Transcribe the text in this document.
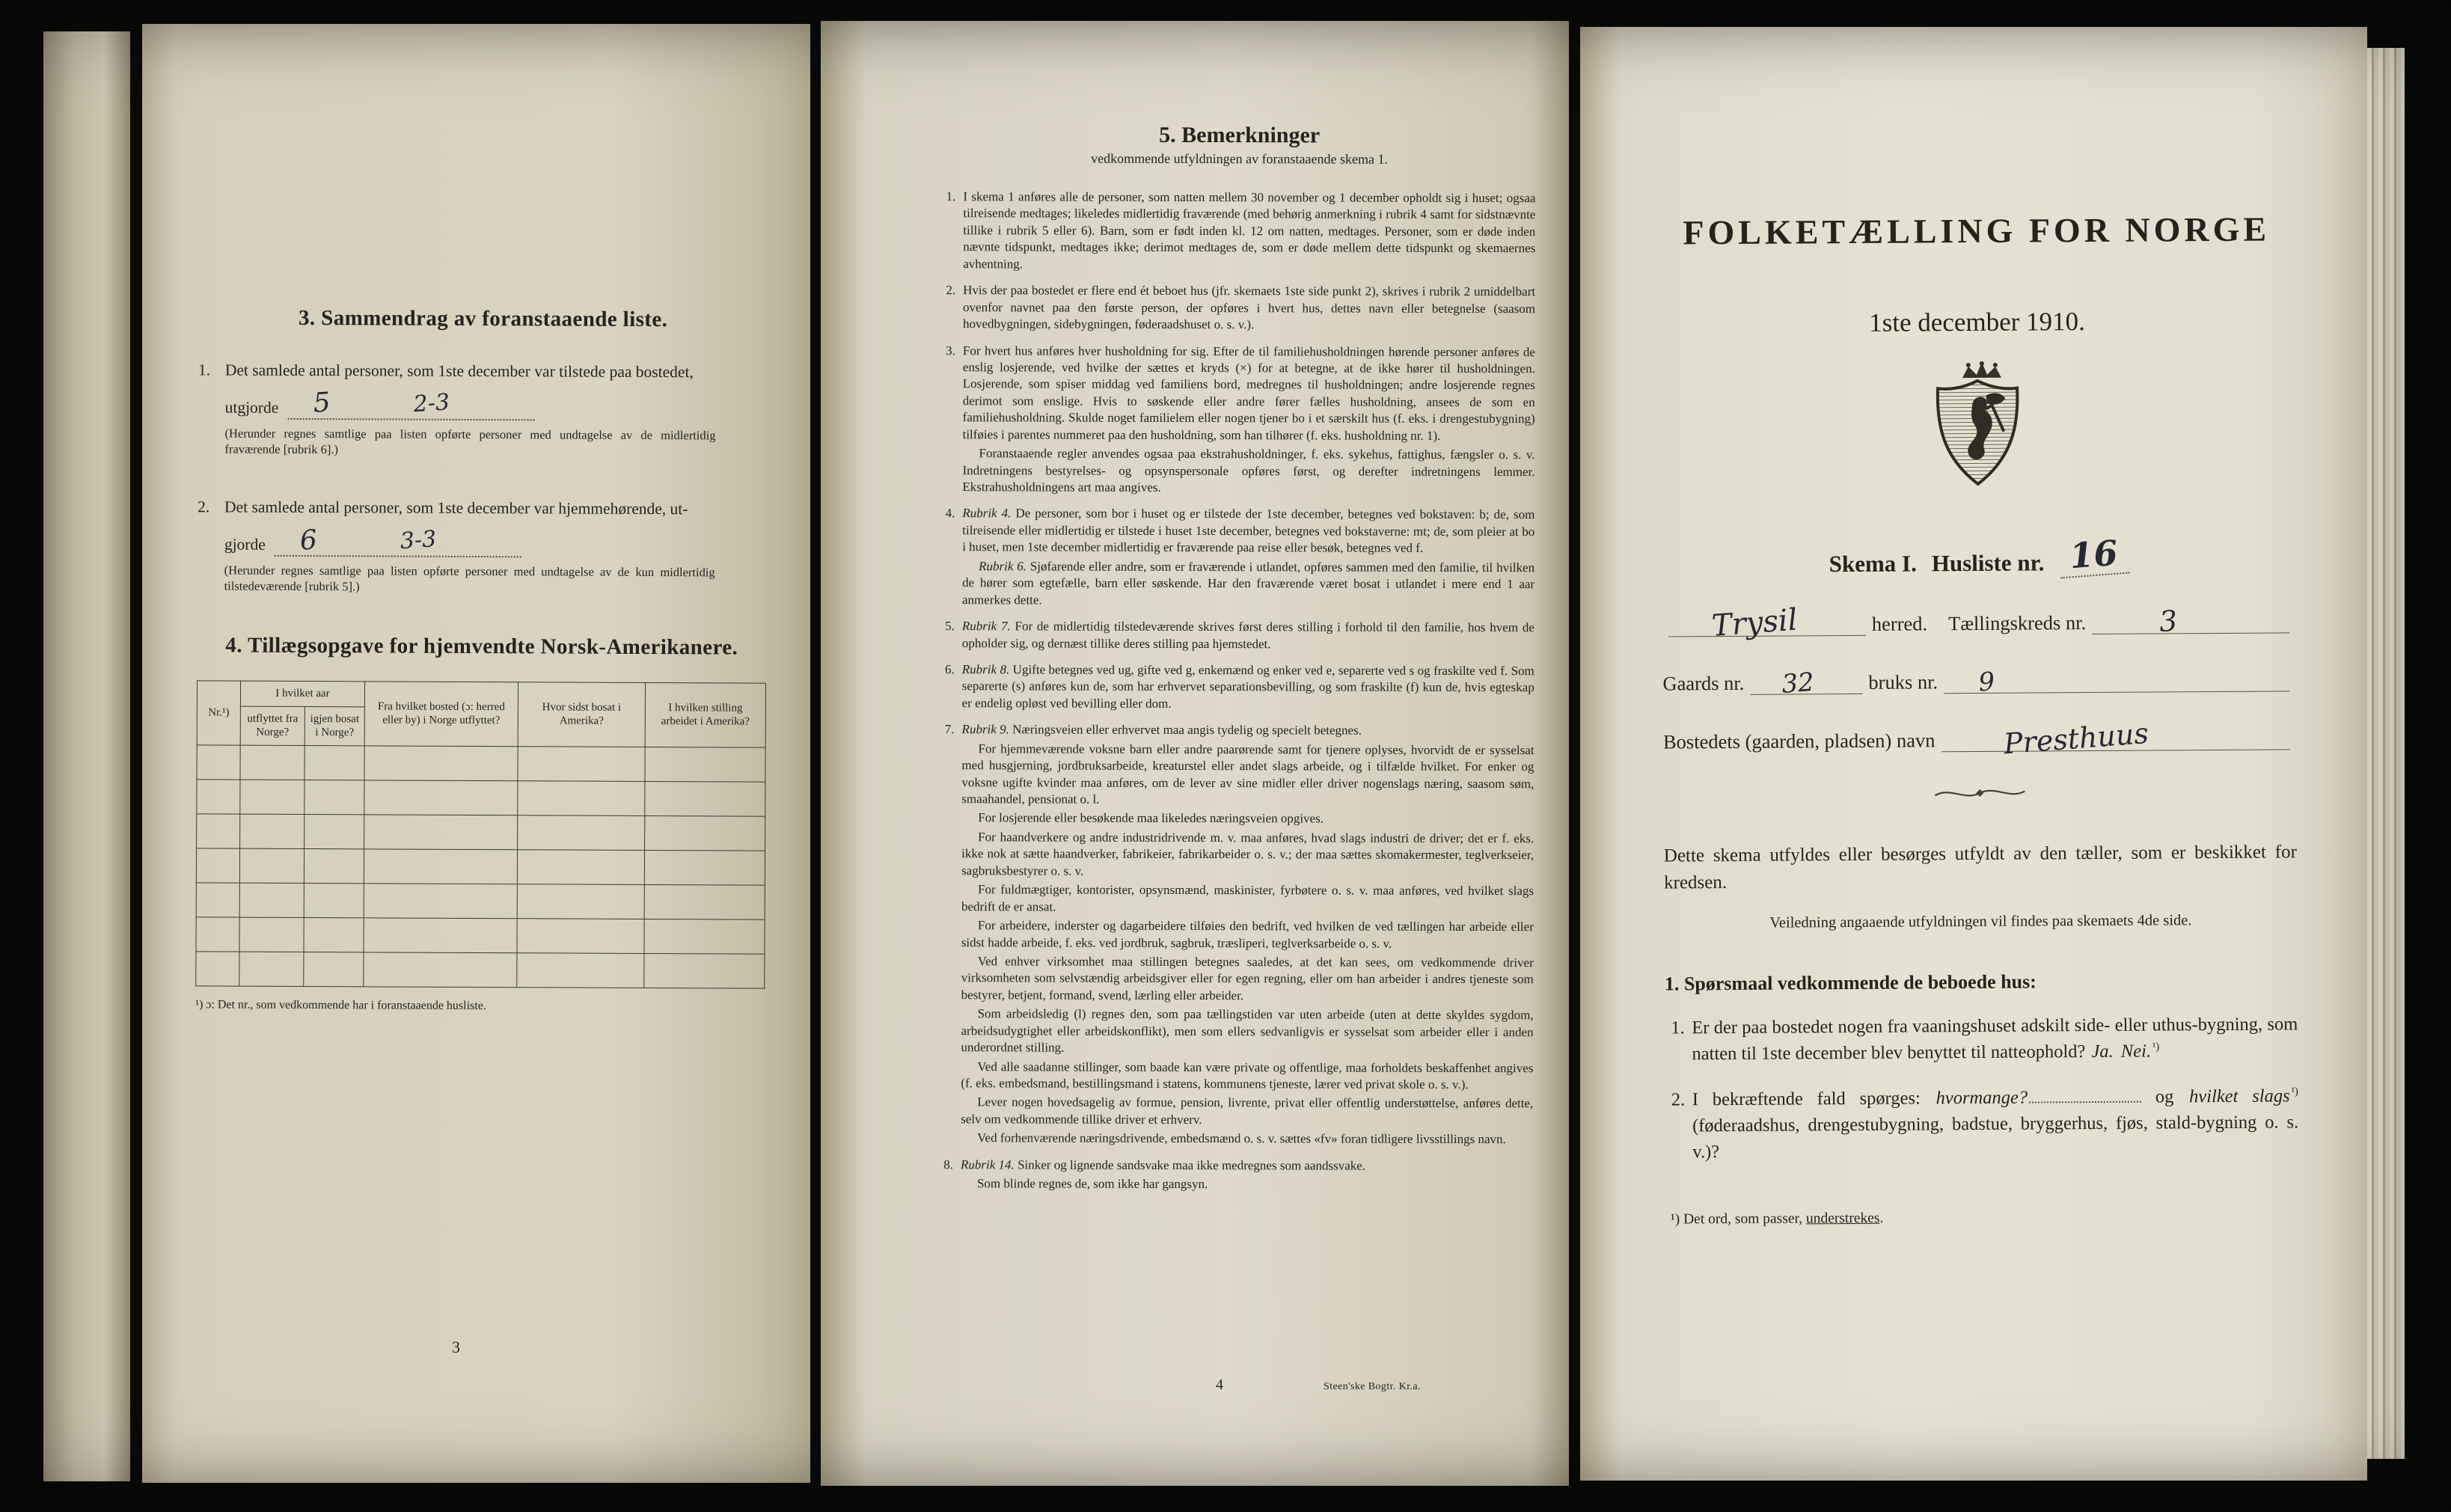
3. Sammendrag av foranstaaende liste.
1. Det samlede antal personer, som 1ste december var tilstede paa bostedet,
utgjorde 5	2-3

(Herunder regnes samtlige paa listen opførte personer med undtagelse av de midlertidig fraværende [rubrik 6].)

2. Det samlede antal personer, som 1ste december var hjemmehørende, ut-
gjorde 6	3-3

(Herunder regnes samtlige paa listen opførte personer med undtagelse av de kun midlertidig tilstedeværende [rubrik 5].)

4. Tillægsopgave for hjemvendte Norsk-Amerikanere.
Nr.¹)	I hvilket aar		Fra hvilket bosted (ɔ: herred eller by) i Norge utflyttet?	Hvor sidst bosat i Amerika?	I hvilken stilling arbeidet i Amerika?
	utflyttet fra Norge?	igjen bosat i Norge?			

¹) ɔ: Det nr., som vedkommende har i foranstaaende husliste.

3
5. Bemerkninger

vedkommende utfyldningen av foranstaaende skema 1.

1. I skema 1 anføres alle de personer, som natten mellem 30 november og 1 december opholdt sig i huset; ogsaa tilreisende medtages; likeledes midlertidig fraværende (med behørig anmerkning i rubrik 4 samt for sidstnævnte tillike i rubrik 5 eller 6). Barn, som er født inden kl. 12 om natten, medtages. Personer, som er døde inden nævnte tidspunkt, medtages ikke; derimot medtages de, som er døde mellem dette tidspunkt og skemaernes avhentning.

2. Hvis der paa bostedet er flere end ét beboet hus (jfr. skemaets 1ste side punkt 2), skrives i rubrik 2 umiddelbart ovenfor navnet paa den første person, der opføres i hvert hus, dettes navn eller betegnelse (saasom hovedbygningen, sidebygningen, føderaadshuset o. s. v.).

3. For hvert hus anføres hver husholdning for sig. Efter de til familiehusholdningen hørende personer anføres de enslig losjerende, ved hvilke der sættes et kryds (×) for at betegne, at de ikke hører til husholdningen. Losjerende, som spiser middag ved familiens bord, medregnes til husholdningen; andre losjerende regnes derimot som enslige. Hvis to søskende eller andre fører fælles husholdning, ansees de som en familiehusholdning. Skulde noget familielem eller nogen tjener bo i et særskilt hus (f. eks. i drengestubygning) tilføies i parentes nummeret paa den husholdning, som han tilhører (f. eks. husholdning nr. 1).

Foranstaaende regler anvendes ogsaa paa ekstrahusholdninger, f. eks. sykehus, fattighus, fængsler o. s. v. Indretningens bestyrelses- og opsynspersonale opføres først, og derefter indretningens lemmer. Ekstrahusholdningens art maa angives.

4. Rubrik 4. De personer, som bor i huset og er tilstede der 1ste december, betegnes ved bokstaven: b; de, som tilreisende eller midlertidig er tilstede i huset 1ste december, betegnes ved bokstaverne: mt; de, som pleier at bo i huset, men 1ste december midlertidig er fraværende paa reise eller besøk, betegnes ved f.

Rubrik 6. Sjøfarende eller andre, som er fraværende i utlandet, opføres sammen med den familie, til hvilken de hører som egtefælle, barn eller søskende. Har den fraværende været bosat i utlandet i mere end 1 aar anmerkes dette.

5. Rubrik 7. For de midlertidig tilstedeværende skrives først deres stilling i forhold til den familie, hos hvem de opholder sig, og dernæst tillike deres stilling paa hjemstedet.

6. Rubrik 8. Ugifte betegnes ved ug, gifte ved g, enkemænd og enker ved e, separerte ved s og fraskilte ved f. Som separerte (s) anføres kun de, som har erhvervet separationsbevilling, og som fraskilte (f) kun de, hvis egteskap er endelig opløst ved bevilling eller dom.

7. Rubrik 9. Næringsveien eller erhvervet maa angis tydelig og specielt betegnes.

For hjemmeværende voksne barn eller andre paarørende samt for tjenere oplyses, hvorvidt de er sysselsat med husgjerning, jordbruksarbeide, kreaturstel eller andet slags arbeide, og i tilfælde hvilket. For enker og voksne ugifte kvinder maa anføres, om de lever av sine midler eller driver nogenslags næring, saasom søm, smaahandel, pensionat o. l.

For losjerende eller besøkende maa likeledes næringsveien opgives.

For haandverkere og andre industridrivende m. v. maa anføres, hvad slags industri de driver; det er f. eks. ikke nok at sætte haandverker, fabrikeier, fabrikarbeider o. s. v.; der maa sættes skomakermester, teglverkseier, sagbruksbestyrer o. s. v.

For fuldmægtiger, kontorister, opsynsmænd, maskinister, fyrbøtere o. s. v. maa anføres, ved hvilket slags bedrift de er ansat.

For arbeidere, inderster og dagarbeidere tilføies den bedrift, ved hvilken de ved tællingen har arbeide eller sidst hadde arbeide, f. eks. ved jordbruk, sagbruk, træsliperi, teglverksarbeide o. s. v.

Ved enhver virksomhet maa stillingen betegnes saaledes, at det kan sees, om vedkommende driver virksomheten som selvstændig arbeidsgiver eller for egen regning, eller om han arbeider i andres tjeneste som bestyrer, betjent, formand, svend, lærling eller arbeider.

Som arbeidsledig (l) regnes den, som paa tællingstiden var uten arbeide (uten at dette skyldes sygdom, arbeidsudygtighet eller arbeidskonflikt), men som ellers sedvanligvis er sysselsat som arbeider eller i anden underordnet stilling.

Ved alle saadanne stillinger, som baade kan være private og offentlige, maa forholdets beskaffenhet angives (f. eks. embedsmand, bestillingsmand i statens, kommunens tjeneste, lærer ved privat skole o. s. v.).

Lever nogen hovedsagelig av formue, pension, livrente, privat eller offentlig understøttelse, anføres dette, selv om vedkommende tillike driver et erhverv.

Ved forhenværende næringsdrivende, embedsmænd o. s. v. sættes «fv» foran tidligere livsstillings navn.

8. Rubrik 14. Sinker og lignende sandsvake maa ikke medregnes som aandssvake.

Som blinde regnes de, som ikke har gangsyn.

4	Steen'ske Bogtr. Kr.a.
FOLKETÆLLING FOR NORGE
1ste december 1910.
Skema I. Husliste nr. 16
Trysil	herred. Tællingskreds nr.	3
Gaards nr. 32	bruks nr. 9
Bostedets (gaarden, pladsen) navn Presthuus

Dette skema utfyldes eller besørges utfyldt av den tæller, som er beskikket for kredsen.

Veiledning angaaende utfyldningen vil findes paa skemaets 4de side.

1. Spørsmaal vedkommende de beboede hus:
1. Er der paa bostedet nogen fra vaaningshuset adskilt side- eller uthus-bygning, som natten til 1ste december blev benyttet til natteophold? Ja. Nei. $^{^1)}$
2. I bekræftende fald spørges: hvormange?	og hvilket slags $^{^1)}$ (føderaadshus, drengestubygning, badstue, bryggerhus, fjøs, stald-bygning o. s. v.)?

¹) Det ord, som passer, understrekes.
